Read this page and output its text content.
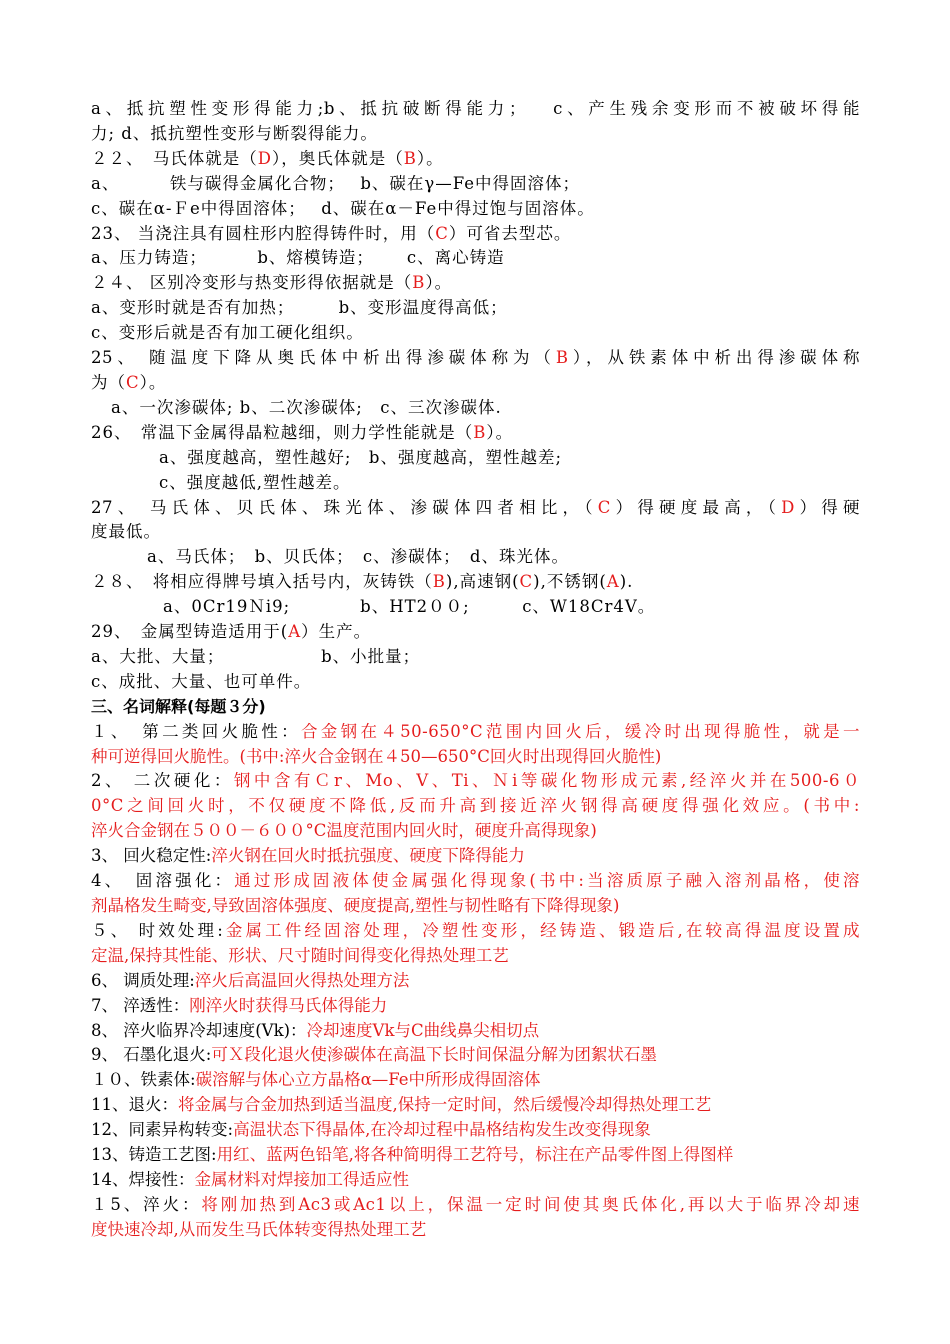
a、抵抗塑性变形得能力;b、抵抗破断得能力；　 c、产生残余变形而不被破坏得能
力; d、抵抗塑性变形与断裂得能力。
２２、　马氏体就是（D），奥氏体就是（B）。
a、　　　 铁与碳得金属化合物；　 b、碳在γ—Fe中得固溶体；
c、碳在α-Ｆe中得固溶体；　 d、碳在α－Fe中得过饱与固溶体。
23、 当浇注具有圆柱形内腔得铸件时，用（C）可省去型芯。
a、压力铸造；　　　 b、熔模铸造；　　 c、离心铸造
２４、 区别冷变形与热变形得依据就是（B）。
a、变形时就是否有加热；　　　b、变形温度得高低；
c、变形后就是否有加工硬化组织。
25、 随温度下降从奥氏体中析出得渗碳体称为（B），从铁素体中析出得渗碳体称
为（C）。
a、一次渗碳体; b、二次渗碳体;　c、三次渗碳体.
26、　常温下金属得晶粒越细，则力学性能就是（B）。
a、强度越高，塑性越好;　b、强度越高，塑性越差;
c、强度越低,塑性越差。
27、 马氏体、贝氏体、珠光体、渗碳体四者相比，（C）得硬度最高，（D）得硬
度最低。
a、马氏体；　b、贝氏体；　c、渗碳体；　d、珠光体。
２８、　将相应得牌号填入括号内，灰铸铁（B),高速钢(C),不锈钢(A).
a、0Cr19Ｎi9;　　　　b、HT2００;　　　c、W18Cr4V。
29、　金属型铸造适用于(A）生产。
a、大批、大量；　　　　　　b、小批量；
c、成批、大量、也可单件。
三、名词解释(每题３分)
１、　第二类回火脆性：合金钢在４50-650°C范围内回火后，缓冷时出现得脆性，就是一
种可逆得回火脆性。(书中:淬火合金钢在４50—650°C回火时出现得回火脆性)
2、 二次硬化：钢中含有Ｃr、Mo、V、Ti、Ｎi等碳化物形成元素,经淬火并在500-6０
0°C之间回火时，不仅硬度不降低,反而升高到接近淬火钢得高硬度得强化效应。(书中:
淬火合金钢在５００－６００°C温度范围内回火时，硬度升高得现象)
3、 回火稳定性:淬火钢在回火时抵抗强度、硬度下降得能力
4、　固溶强化：通过形成固液体使金属强化得现象(书中:当溶质原子融入溶剂晶格，使溶
剂晶格发生畸变,导致固溶体强度、硬度提高,塑性与韧性略有下降得现象)
５、 时效处理:金属工件经固溶处理，冷塑性变形，经铸造、锻造后,在较高得温度设置成
定温,保持其性能、形状、尺寸随时间得变化得热处理工艺
6、 调质处理:淬火后高温回火得热处理方法
7、 淬透性：刚淬火时获得马氏体得能力
8、 淬火临界冷却速度(Vk)：冷却速度Vk与C曲线鼻尖相切点
9、 石墨化退火:可Ｘ段化退火使渗碳体在高温下长时间保温分解为团絮状石墨
１０、铁素体:碳溶解与体心立方晶格α—Fe中所形成得固溶体
11、退火：将金属与合金加热到适当温度,保持一定时间，然后缓慢冷却得热处理工艺
12、同素异构转变:高温状态下得晶体,在冷却过程中晶格结构发生改变得现象
13、铸造工艺图:用红、蓝两色铅笔,将各种简明得工艺符号，标注在产品零件图上得图样
14、焊接性：金属材料对焊接加工得适应性
１5、淬火：将刚加热到Ac3或Ac1以上，保温一定时间使其奥氏体化,再以大于临界冷却速
度快速冷却,从而发生马氏体转变得热处理工艺
